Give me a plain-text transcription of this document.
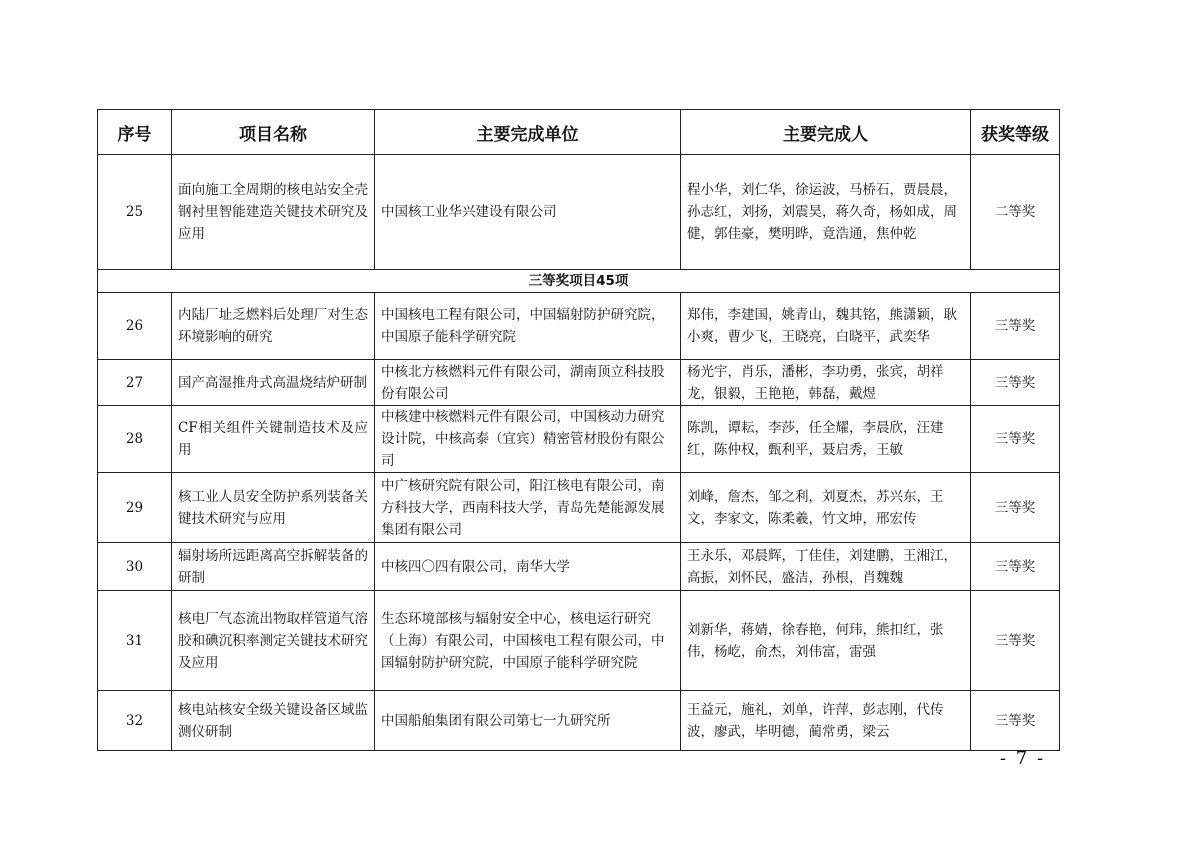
序号	项目名称	主要完成单位	主要完成人	获奖等级
25	面向施工全周期的核电站安全壳钢衬里智能建造关键技术研究及应用	中国核工业华兴建设有限公司	程小华，刘仁华，徐运波，马桥石，贾晨晨，孙志红，刘扬，刘震昊，蒋久奇，杨如成，周健，郭佳豪，樊明晔，竟浩通，焦仲乾	二等奖
三等奖项目45项				
26	内陆厂址乏燃料后处理厂对生态环境影响的研究	中国核电工程有限公司，中国辐射防护研究院，中国原子能科学研究院	郑伟，李建国，姚青山，魏其铭，熊潇颖，耿小爽，曹少飞，王晓亮，白晓平，武奕华	三等奖
27	国产高湿推舟式高温烧结炉研制	中核北方核燃料元件有限公司，湖南顶立科技股份有限公司	杨光宇，肖乐，潘彬，李功勇，张宾，胡祥龙，银毅，王艳艳，韩磊，戴煜	三等奖
28	CF相关组件关键制造技术及应用	中核建中核燃料元件有限公司，中国核动力研究设计院，中核高泰（宜宾）精密管材股份有限公司	陈凯，谭耘，李莎，任全耀，李晨欣，汪建红，陈仲权，甄利平，聂启秀，王敏	三等奖
29	核工业人员安全防护系列装备关键技术研究与应用	中广核研究院有限公司，阳江核电有限公司，南方科技大学，西南科技大学，青岛先楚能源发展集团有限公司	刘峰，詹杰，邹之利，刘夏杰，苏兴东，王文，李家文，陈柔羲，竹文坤，邢宏传	三等奖
30	辐射场所远距离高空拆解装备的研制	中核四〇四有限公司，南华大学	王永乐，邓晨辉，丁佳佳，刘建鹏，王湘江，高振，刘怀民，盛洁，孙根，肖魏魏	三等奖
31	核电厂气态流出物取样管道气溶胶和碘沉积率测定关键技术研究及应用	生态环境部核与辐射安全中心，核电运行研究（上海）有限公司，中国核电工程有限公司，中国辐射防护研究院，中国原子能科学研究院	刘新华，蒋婧，徐春艳，何玮，熊扣红，张伟，杨屹，俞杰，刘伟富，雷强	三等奖
32	核电站核安全级关键设备区域监测仪研制	中国船舶集团有限公司第七一九研究所	王益元，施礼，刘单，许萍，彭志刚，代传波，廖武，毕明德，蔺常勇，梁云	三等奖
- 7 -
